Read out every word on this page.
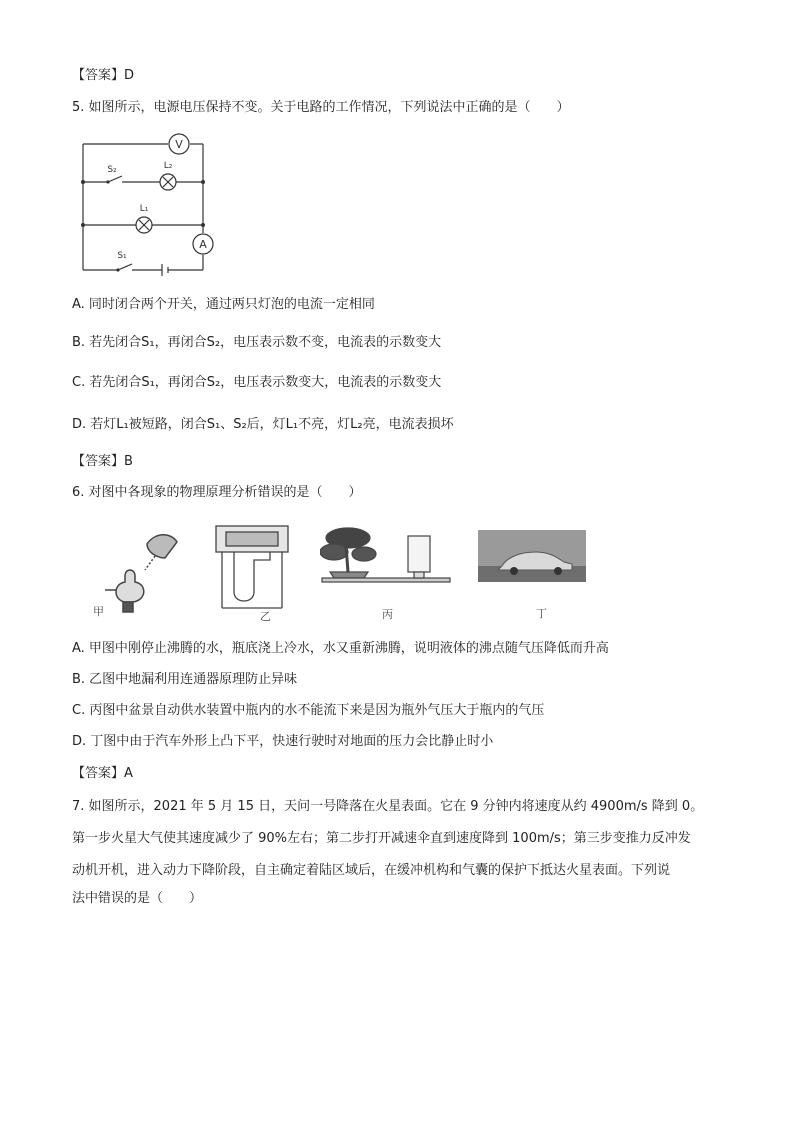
【答案】D
5. 如图所示，电源电压保持不变。关于电路的工作情况，下列说法中正确的是（　　）
V
A
S₂	L₂
L₁
S₁
A. 同时闭合两个开关，通过两只灯泡的电流一定相同
B. 若先闭合S₁，再闭合S₂，电压表示数不变，电流表的示数变大
C. 若先闭合S₁，再闭合S₂，电压表示数变大，电流表的示数变大
D. 若灯L₁被短路，闭合S₁、S₂后，灯L₁不亮，灯L₂亮，电流表损坏
【答案】B
6. 对图中各现象的物理原理分析错误的是（　　）
甲	乙	丙	丁
A. 甲图中刚停止沸腾的水，瓶底浇上冷水，水又重新沸腾，说明液体的沸点随气压降低而升高
B. 乙图中地漏利用连通器原理防止异味
C. 丙图中盆景自动供水装置中瓶内的水不能流下来是因为瓶外气压大于瓶内的气压
D. 丁图中由于汽车外形上凸下平，快速行驶时对地面的压力会比静止时小
【答案】A
7. 如图所示，2021 年 5 月 15 日，天问一号降落在火星表面。它在 9 分钟内将速度从约 4900m/s 降到 0。
第一步火星大气使其速度减少了 90%左右；第二步打开减速伞直到速度降到 100m/s；第三步变推力反冲发
动机开机，进入动力下降阶段，自主确定着陆区域后，在缓冲机构和气囊的保护下抵达火星表面。下列说
法中错误的是（　　）
